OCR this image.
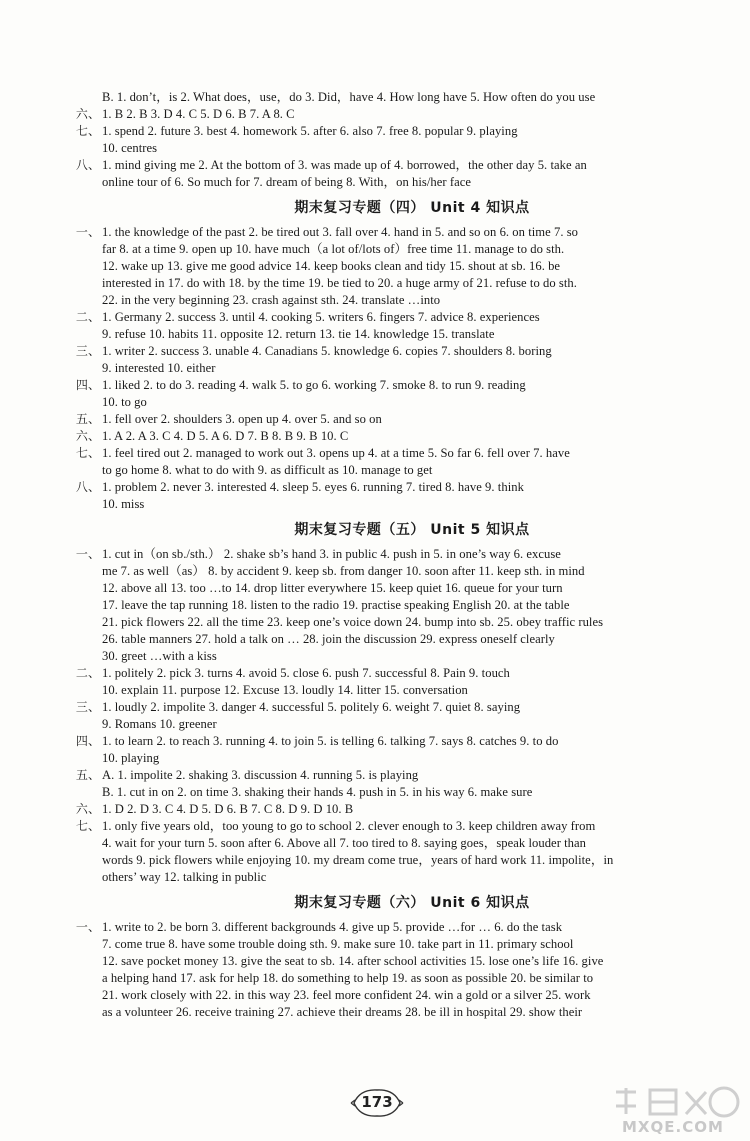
B. 1. don’t，is 2. What does，use，do 3. Did，have 4. How long have 5. How often do you use
六、 1. B 2. B 3. D 4. C 5. D 6. B 7. A 8. C
七、 1. spend 2. future 3. best 4. homework 5. after 6. also 7. free 8. popular 9. playing
10. centres
八、 1. mind giving me 2. At the bottom of 3. was made up of 4. borrowed，the other day 5. take an
online tour of 6. So much for 7. dream of being 8. With，on his/her face
期末复习专题（四） Unit 4 知识点
一、 1. the knowledge of the past 2. be tired out 3. fall over 4. hand in 5. and so on 6. on time 7. so
far 8. at a time 9. open up 10. have much（a lot of/lots of）free time 11. manage to do sth.
12. wake up 13. give me good advice 14. keep books clean and tidy 15. shout at sb. 16. be
interested in 17. do with 18. by the time 19. be tied to 20. a huge army of 21. refuse to do sth.
22. in the very beginning 23. crash against sth. 24. translate …into
二、 1. Germany 2. success 3. until 4. cooking 5. writers 6. fingers 7. advice 8. experiences
9. refuse 10. habits 11. opposite 12. return 13. tie 14. knowledge 15. translate
三、 1. writer 2. success 3. unable 4. Canadians 5. knowledge 6. copies 7. shoulders 8. boring
9. interested 10. either
四、 1. liked 2. to do 3. reading 4. walk 5. to go 6. working 7. smoke 8. to run 9. reading
10. to go
五、 1. fell over 2. shoulders 3. open up 4. over 5. and so on
六、 1. A 2. A 3. C 4. D 5. A 6. D 7. B 8. B 9. B 10. C
七、 1. feel tired out 2. managed to work out 3. opens up 4. at a time 5. So far 6. fell over 7. have
to go home 8. what to do with 9. as difficult as 10. manage to get
八、 1. problem 2. never 3. interested 4. sleep 5. eyes 6. running 7. tired 8. have 9. think
10. miss
期末复习专题（五） Unit 5 知识点
一、 1. cut in（on sb./sth.） 2. shake sb’s hand 3. in public 4. push in 5. in one’s way 6. excuse
me 7. as well（as） 8. by accident 9. keep sb. from danger 10. soon after 11. keep sth. in mind
12. above all 13. too …to 14. drop litter everywhere 15. keep quiet 16. queue for your turn
17. leave the tap running 18. listen to the radio 19. practise speaking English 20. at the table
21. pick flowers 22. all the time 23. keep one’s voice down 24. bump into sb. 25. obey traffic rules
26. table manners 27. hold a talk on … 28. join the discussion 29. express oneself clearly
30. greet …with a kiss
二、 1. politely 2. pick 3. turns 4. avoid 5. close 6. push 7. successful 8. Pain 9. touch
10. explain 11. purpose 12. Excuse 13. loudly 14. litter 15. conversation
三、 1. loudly 2. impolite 3. danger 4. successful 5. politely 6. weight 7. quiet 8. saying
9. Romans 10. greener
四、 1. to learn 2. to reach 3. running 4. to join 5. is telling 6. talking 7. says 8. catches 9. to do
10. playing
五、 A. 1. impolite 2. shaking 3. discussion 4. running 5. is playing
B. 1. cut in on 2. on time 3. shaking their hands 4. push in 5. in his way 6. make sure
六、 1. D 2. D 3. C 4. D 5. D 6. B 7. C 8. D 9. D 10. B
七、 1. only five years old，too young to go to school 2. clever enough to 3. keep children away from
4. wait for your turn 5. soon after 6. Above all 7. too tired to 8. saying goes，speak louder than
words 9. pick flowers while enjoying 10. my dream come true，years of hard work 11. impolite，in
others’ way 12. talking in public
期末复习专题（六） Unit 6 知识点
一、 1. write to 2. be born 3. different backgrounds 4. give up 5. provide …for … 6. do the task
7. come true 8. have some trouble doing sth. 9. make sure 10. take part in 11. primary school
12. save pocket money 13. give the seat to sb. 14. after school activities 15. lose one’s life 16. give
a helping hand 17. ask for help 18. do something to help 19. as soon as possible 20. be similar to
21. work closely with 22. in this way 23. feel more confident 24. win a gold or a silver 25. work
as a volunteer 26. receive training 27. achieve their dreams 28. be ill in hospital 29. show their
173
MXQE.COM
